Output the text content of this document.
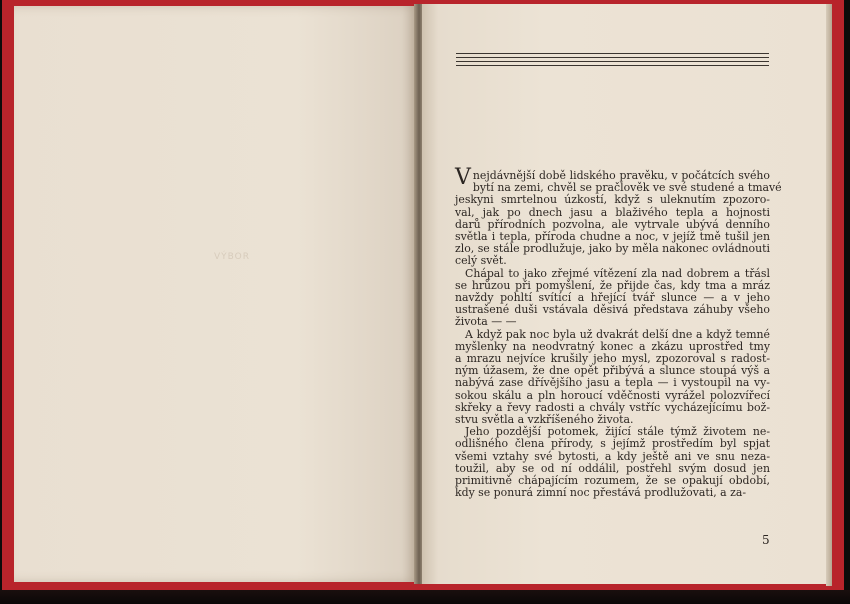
VÝBOR

V nejdávnější době lidského pravěku, v počátcích svého
bytí na zemi, chvěl se pračlověk ve své studené a tmavé
jeskyni smrtelnou úzkostí, když s uleknutím zpozoro-
val, jak po dnech jasu a blaživého tepla a hojnosti
darů přírodních pozvolna, ale vytrvale ubývá denního
světla i tepla, příroda chudne a noc, v jejíž tmě tušil jen
zlo, se stále prodlužuje, jako by měla nakonec ovládnouti
celý svět.

Chápal to jako zřejmé vítězení zla nad dobrem a třásl
se hrůzou při pomyšlení, že přijde čas, kdy tma a mráz
navždy pohltí svítící a hřející tvář slunce — a v jeho
ustrašené duši vstávala děsivá představa záhuby všeho
života — —

A když pak noc byla už dvakrát delší dne a když temné
myšlenky na neodvratný konec a zkázu uprostřed tmy
a mrazu nejvíce krušily jeho mysl, zpozoroval s radost-
ným úžasem, že dne opět přibývá a slunce stoupá výš a
nabývá zase dřívějšího jasu a tepla — i vystoupil na vy-
sokou skálu a pln horoucí vděčnosti vyrážel polozvířecí
skřeky a řevy radosti a chvály vstříc vycházejícímu bož-
stvu světla a vzkříšeného života.

Jeho pozdější potomek, žijící stále týmž životem ne-
odlišného člena přírody, s jejímž prostředím byl spjat
všemi vztahy své bytosti, a kdy ještě ani ve snu neza-
toužil, aby se od ní oddálil, postřehl svým dosud jen
primitivně chápajícím rozumem, že se opakují období,
kdy se ponurá zimní noc přestává prodlužovati, a za-

5
